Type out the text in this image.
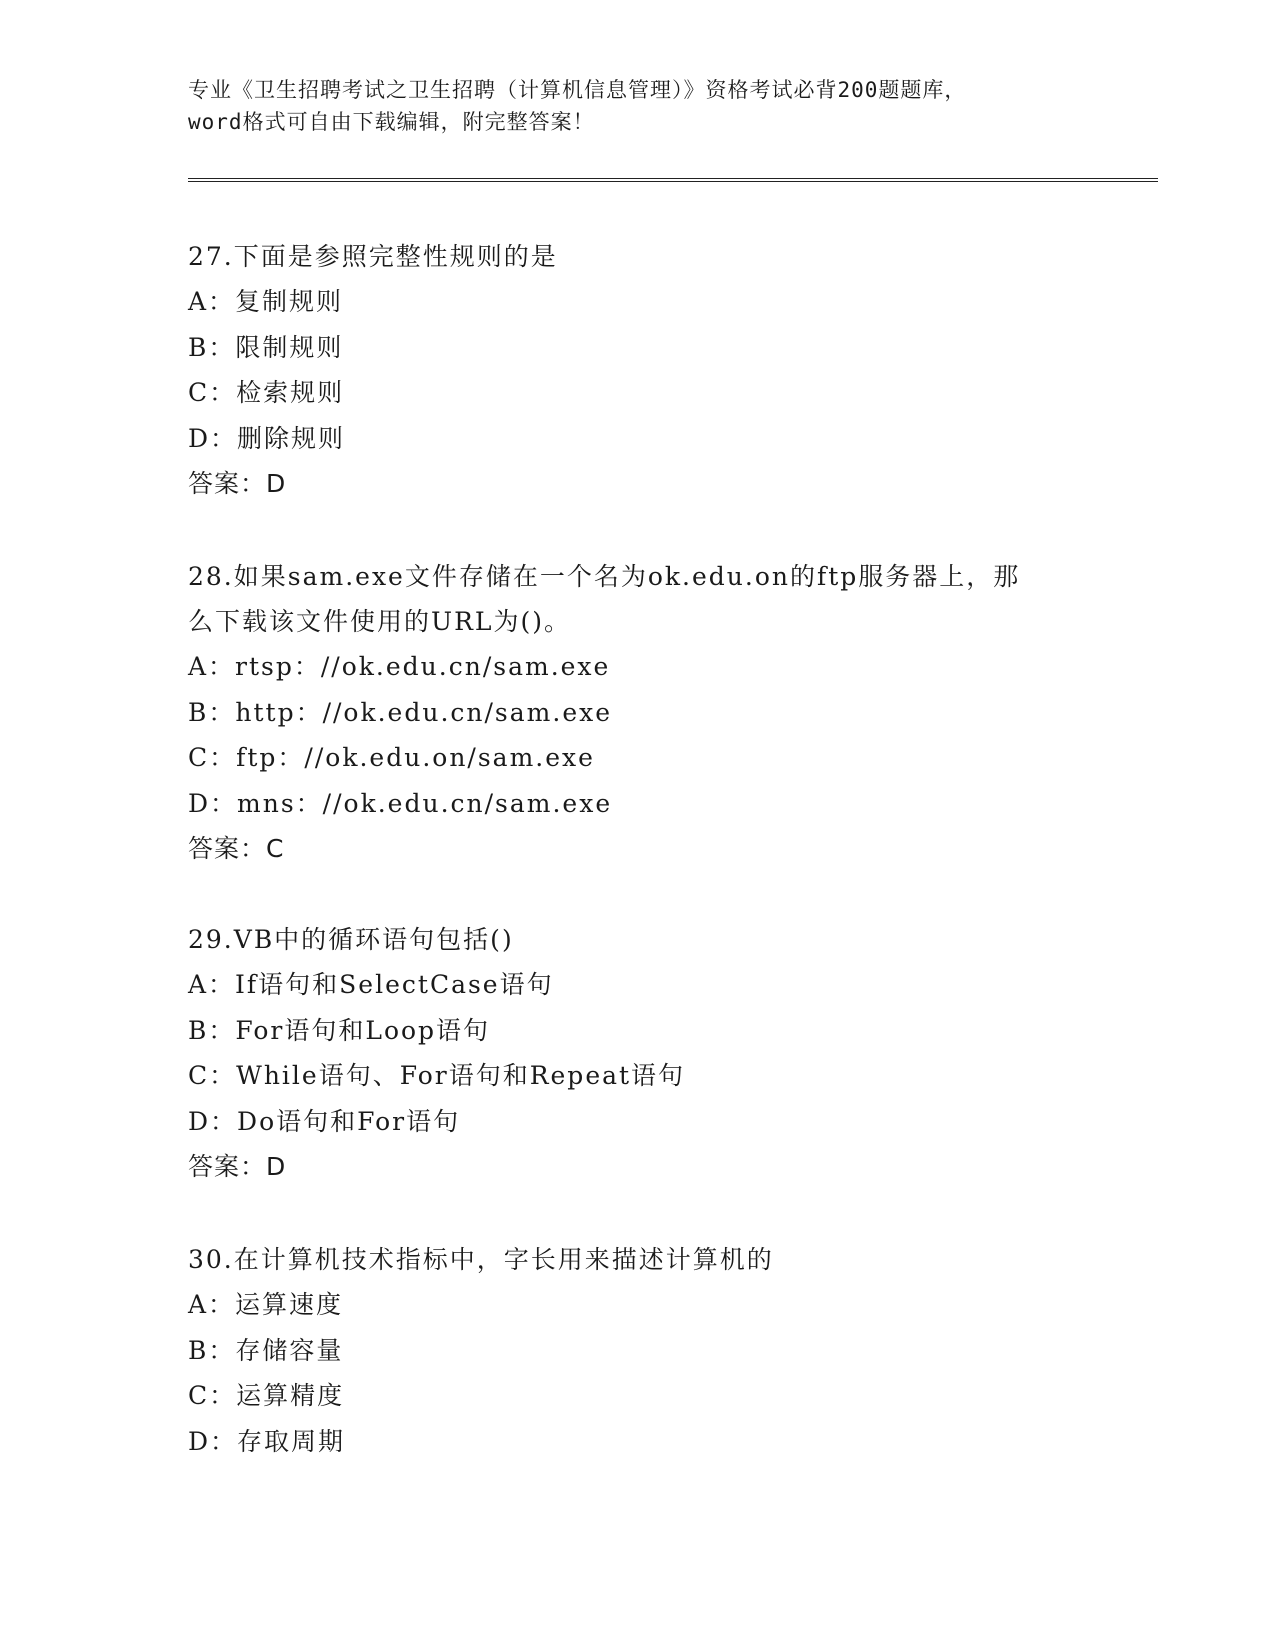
专业《卫生招聘考试之卫生招聘（计算机信息管理）》资格考试必背200题题库，
word格式可自由下载编辑，附完整答案！

27.下面是参照完整性规则的是

A：复制规则

B：限制规则

C：检索规则

D：删除规则

答案：D

28.如果sam.exe文件存储在一个名为ok.edu.on的ftp服务器上，那

么下载该文件使用的URL为()。

A：rtsp：//ok.edu.cn/sam.exe

B：http：//ok.edu.cn/sam.exe

C：ftp：//ok.edu.on/sam.exe

D：mns：//ok.edu.cn/sam.exe

答案：C

29.VB中的循环语句包括()

A：If语句和SelectCase语句

B：For语句和Loop语句

C：While语句、For语句和Repeat语句

D：Do语句和For语句

答案：D

30.在计算机技术指标中，字长用来描述计算机的

A：运算速度

B：存储容量

C：运算精度

D：存取周期
